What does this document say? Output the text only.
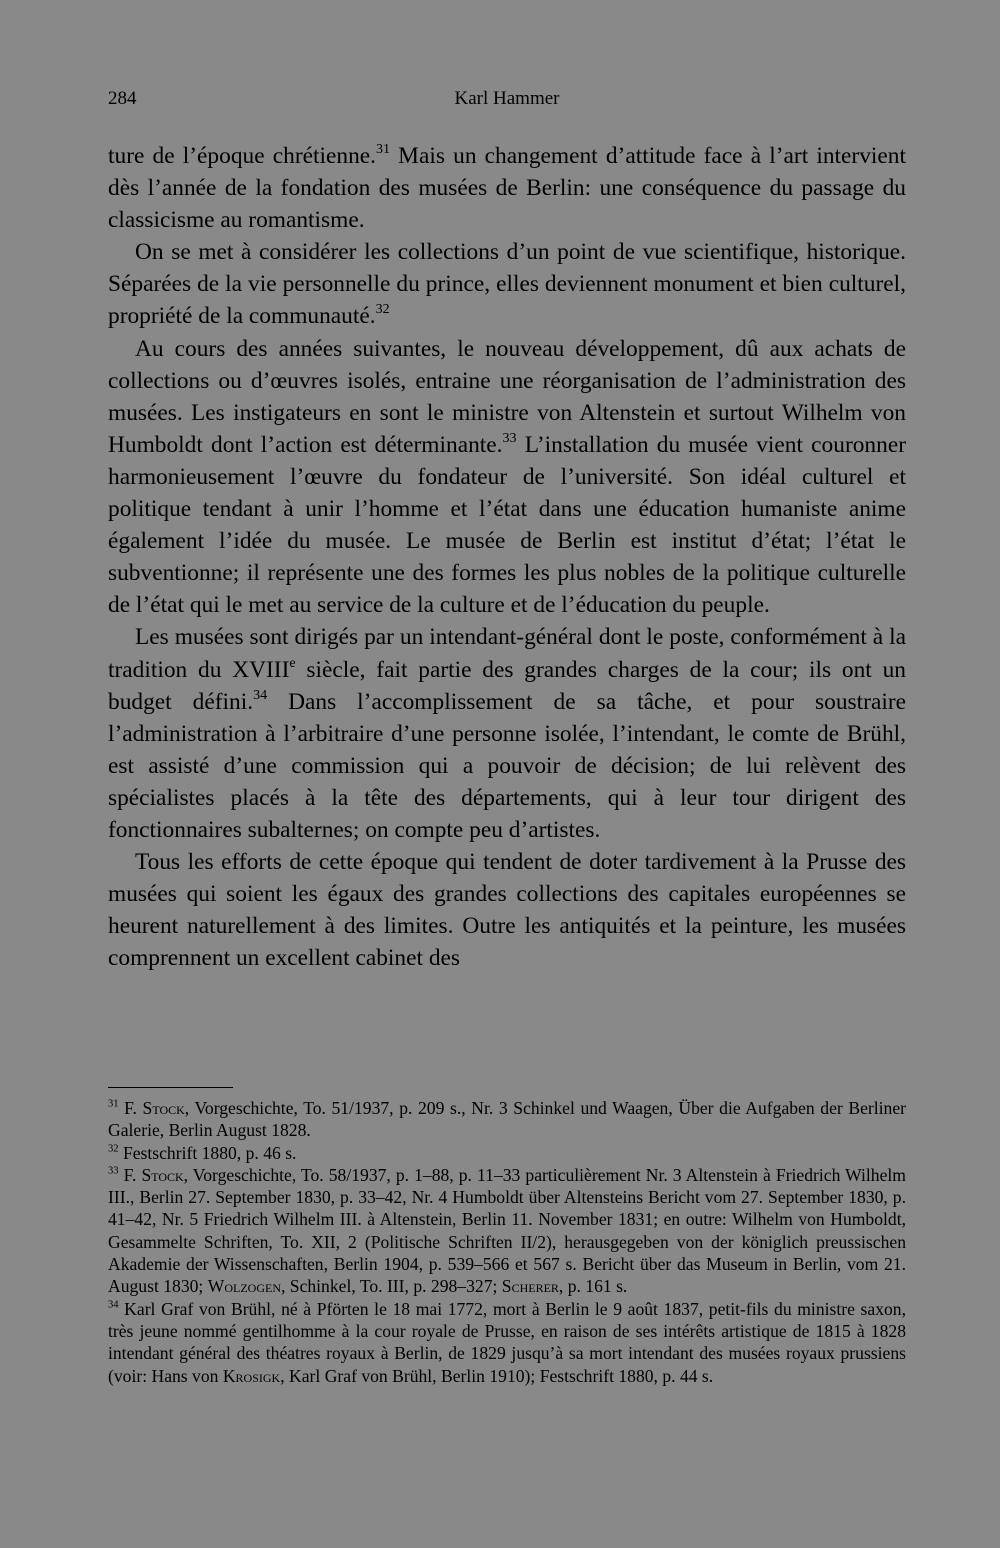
284	Karl Hammer

ture de l’époque chrétienne.$^{31}$ Mais un changement d’attitude face à l’art intervient dès l’année de la fondation des musées de Berlin: une conséquence du passage du classicisme au romantisme.

On se met à considérer les collections d’un point de vue scientifique, historique. Séparées de la vie personnelle du prince, elles deviennent monument et bien culturel, propriété de la communauté.$^{32}$

Au cours des années suivantes, le nouveau développement, dû aux achats de collections ou d’œuvres isolés, entraine une réorganisation de l’administration des musées. Les instigateurs en sont le ministre von Altenstein et surtout Wilhelm von Humboldt dont l’action est déterminante.$^{33}$ L’installation du musée vient couronner harmonieusement l’œuvre du fondateur de l’université. Son idéal culturel et politique tendant à unir l’homme et l’état dans une éducation humaniste anime également l’idée du musée. Le musée de Berlin est institut d’état; l’état le subventionne; il représente une des formes les plus nobles de la politique culturelle de l’état qui le met au service de la culture et de l’éducation du peuple.

Les musées sont dirigés par un intendant-général dont le poste, conformément à la tradition du XVIIIe siècle, fait partie des grandes charges de la cour; ils ont un budget défini.$^{34}$ Dans l’accomplissement de sa tâche, et pour soustraire l’administration à l’arbitraire d’une personne isolée, l’intendant, le comte de Brühl, est assisté d’une commission qui a pouvoir de décision; de lui relèvent des spécialistes placés à la tête des départements, qui à leur tour dirigent des fonctionnaires subalternes; on compte peu d’artistes.

Tous les efforts de cette époque qui tendent de doter tardivement à la Prusse des musées qui soient les égaux des grandes collections des capitales européennes se heurent naturellement à des limites. Outre les antiquités et la peinture, les musées comprennent un excellent cabinet des

$^{31}$ F. Stock, Vorgeschichte, To. 51/1937, p. 209 s., Nr. 3 Schinkel und Waagen, Über die Aufgaben der Berliner Galerie, Berlin August 1828.

$^{32}$ Festschrift 1880, p. 46 s.

$^{33}$ F. Stock, Vorgeschichte, To. 58/1937, p. 1–88, p. 11–33 particulièrement Nr. 3 Altenstein à Friedrich Wilhelm III., Berlin 27. September 1830, p. 33–42, Nr. 4 Humboldt über Altensteins Bericht vom 27. September 1830, p. 41–42, Nr. 5 Friedrich Wilhelm III. à Altenstein, Berlin 11. November 1831; en outre: Wilhelm von Humboldt, Gesammelte Schriften, To. XII, 2 (Politische Schriften II/2), herausgegeben von der königlich preussischen Akademie der Wissenschaften, Berlin 1904, p. 539–566 et 567 s. Bericht über das Museum in Berlin, vom 21. August 1830; Wolzogen, Schinkel, To. III, p. 298–327; Scherer, p. 161 s.

$^{34}$ Karl Graf von Brühl, né à Pförten le 18 mai 1772, mort à Berlin le 9 août 1837, petit-fils du ministre saxon, très jeune nommé gentilhomme à la cour royale de Prusse, en raison de ses intérêts artistique de 1815 à 1828 intendant général des théatres royaux à Berlin, de 1829 jusqu’à sa mort intendant des musées royaux prussiens (voir: Hans von Krosigk, Karl Graf von Brühl, Berlin 1910); Festschrift 1880, p. 44 s.
